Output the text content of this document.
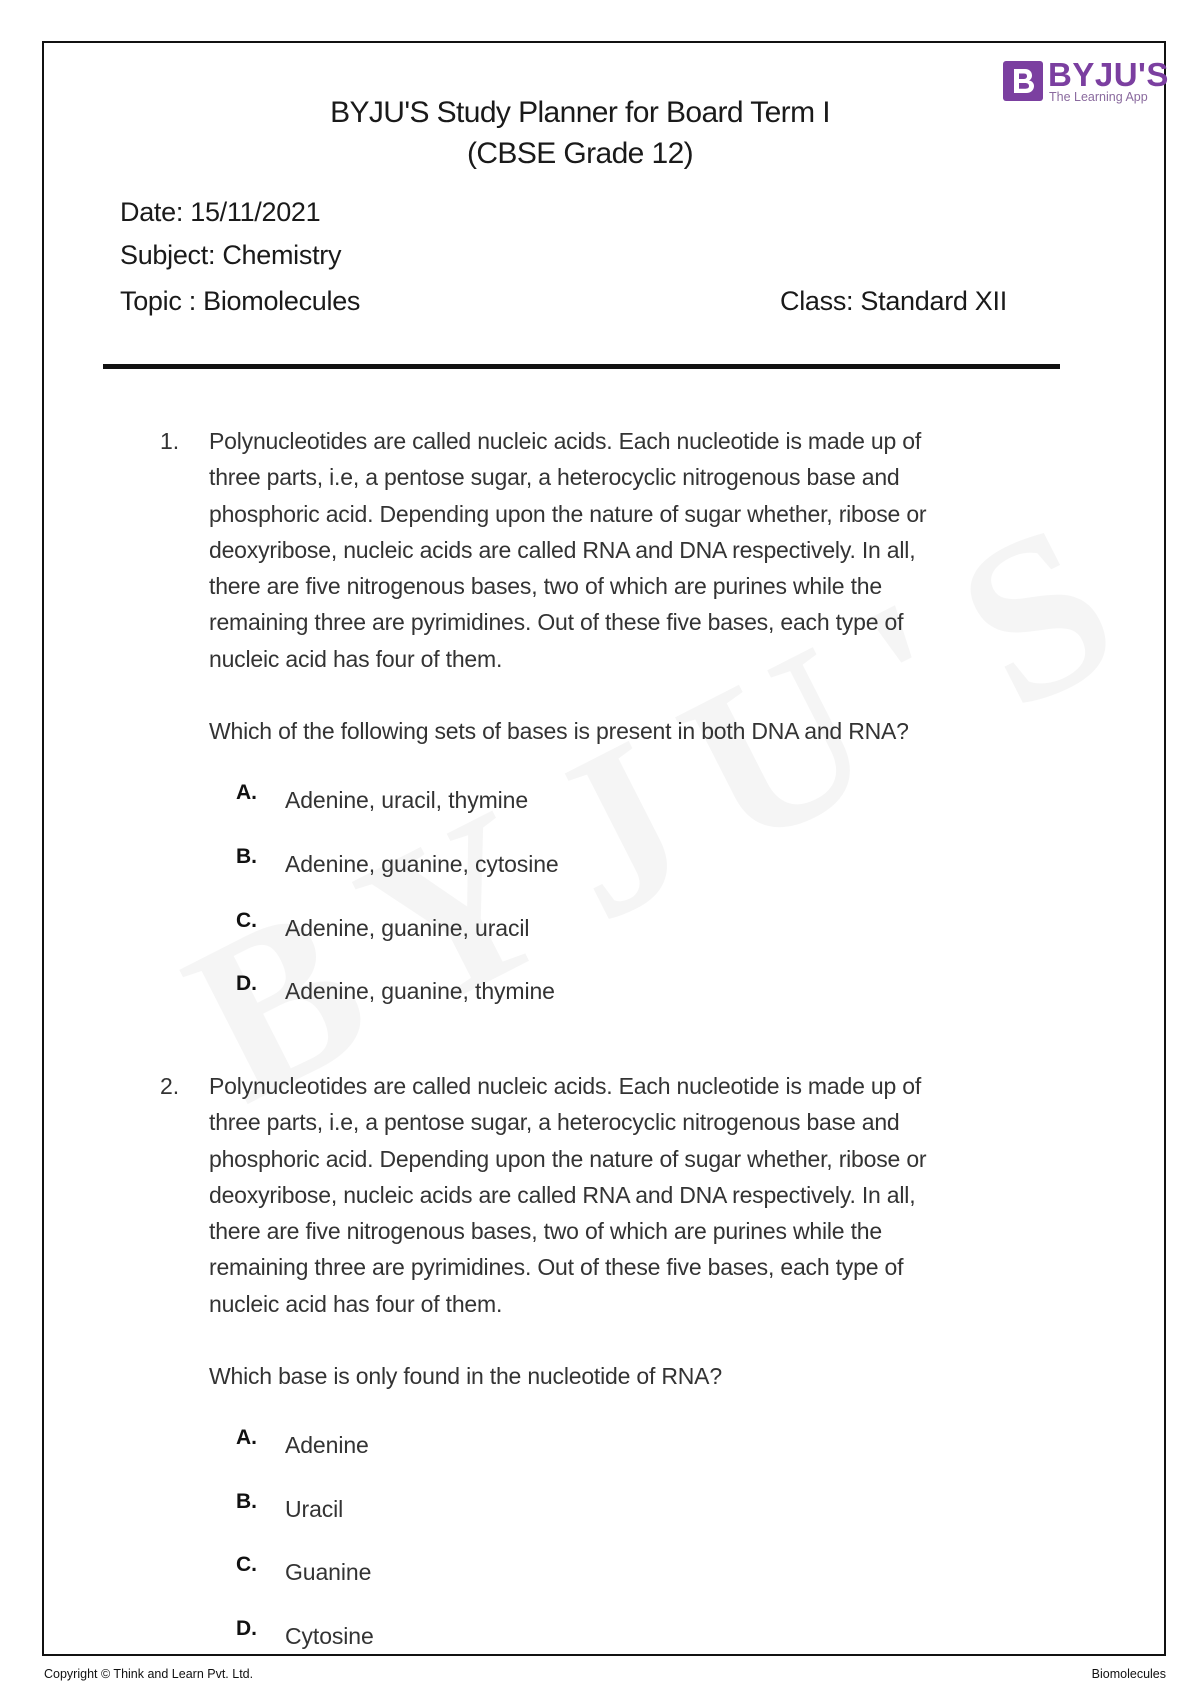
BYJU'S
The Learning App
BYJU'S Study Planner for Board Term I
(CBSE Grade 12)
Date: 15/11/2021
Subject: Chemistry
Topic : Biomolecules	Class: Standard XII
1. Polynucleotides are called nucleic acids. Each nucleotide is made up of
three parts, i.e, a pentose sugar, a heterocyclic nitrogenous base and
phosphoric acid. Depending upon the nature of sugar whether, ribose or
deoxyribose, nucleic acids are called RNA and DNA respectively. In all,
there are five nitrogenous bases, two of which are purines while the
remaining three are pyrimidines. Out of these five bases, each type of
nucleic acid has four of them.
Which of the following sets of bases is present in both DNA and RNA?
A. Adenine, uracil, thymine
B. Adenine, guanine, cytosine
C. Adenine, guanine, uracil
D. Adenine, guanine, thymine
2. Polynucleotides are called nucleic acids. Each nucleotide is made up of
three parts, i.e, a pentose sugar, a heterocyclic nitrogenous base and
phosphoric acid. Depending upon the nature of sugar whether, ribose or
deoxyribose, nucleic acids are called RNA and DNA respectively. In all,
there are five nitrogenous bases, two of which are purines while the
remaining three are pyrimidines. Out of these five bases, each type of
nucleic acid has four of them.
Which base is only found in the nucleotide of RNA?
A. Adenine
B. Uracil
C. Guanine
D. Cytosine
Copyright © Think and Learn Pvt. Ltd.	Biomolecules
